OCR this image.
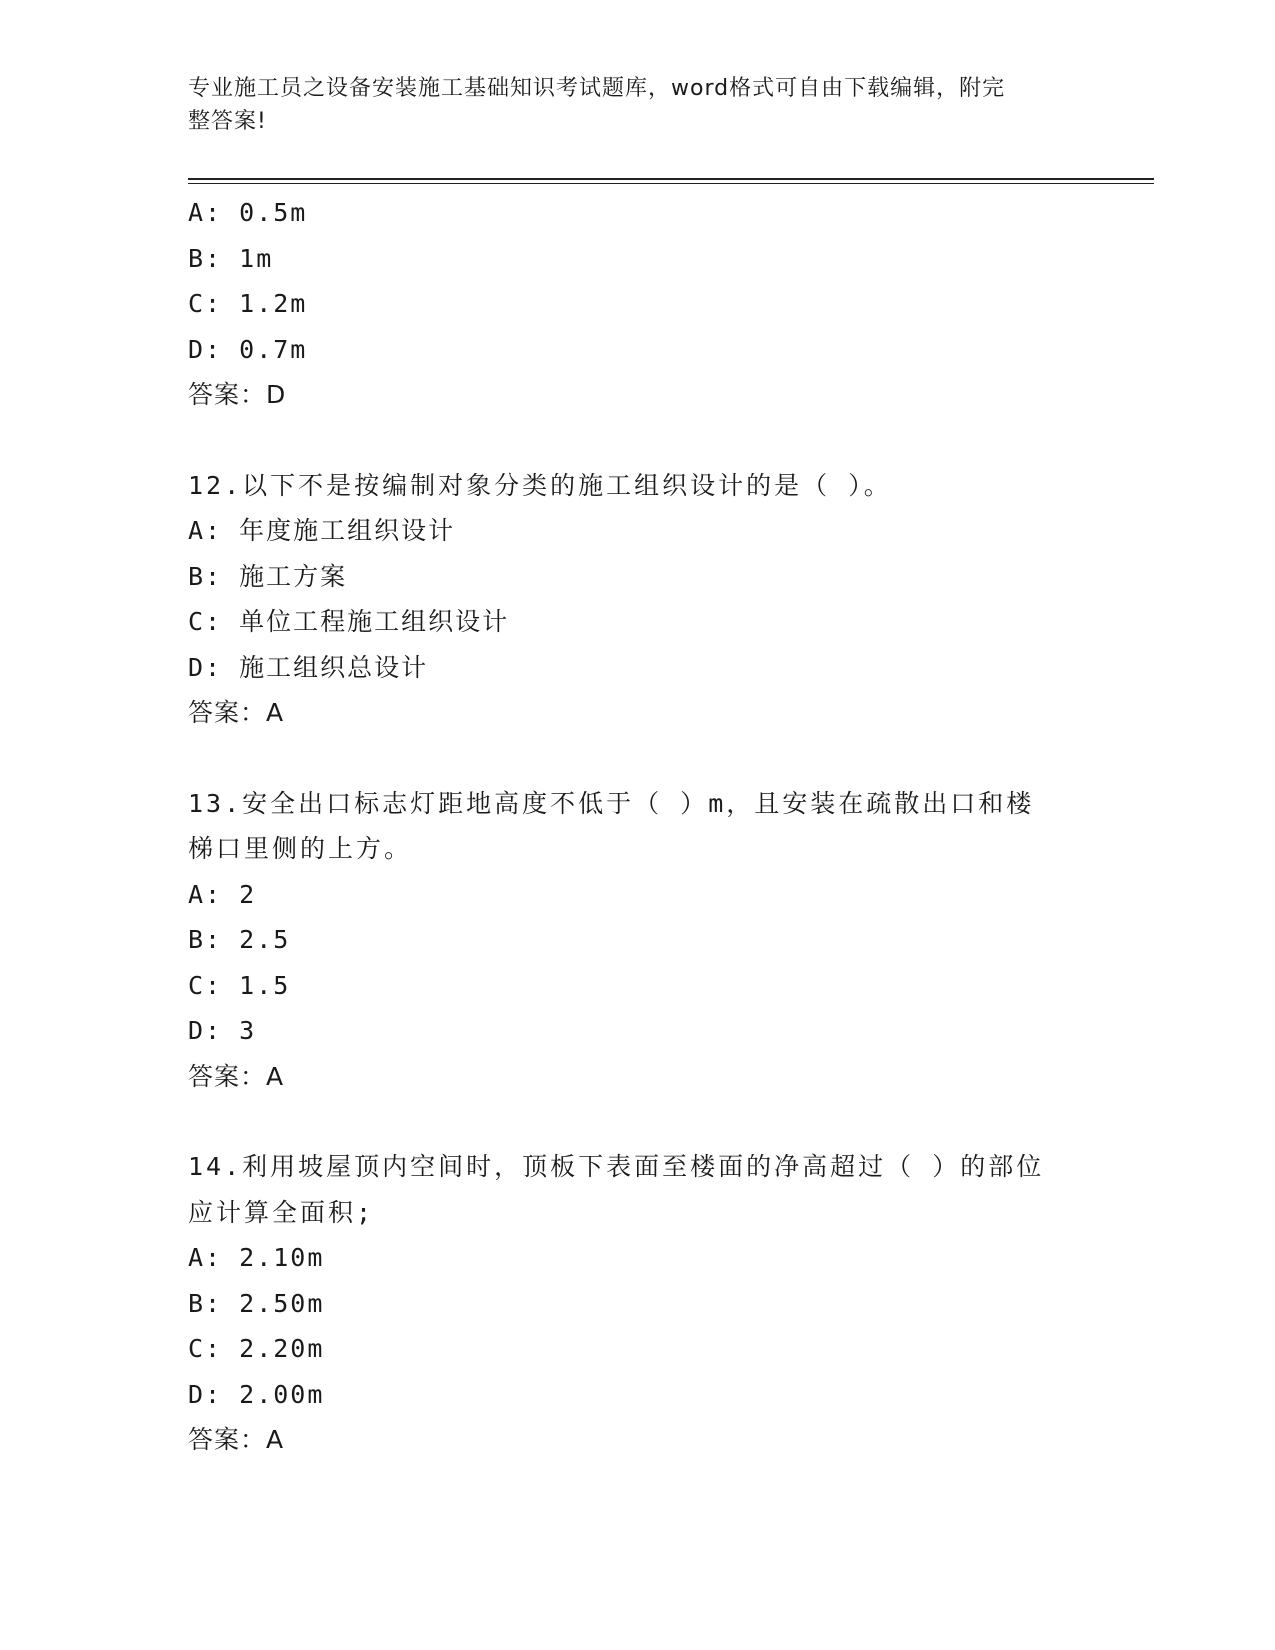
专业施工员之设备安装施工基础知识考试题库，word格式可自由下载编辑，附完
整答案!
A: 0.5m
B: 1m
C: 1.2m
D: 0.7m
答案：D
12.以下不是按编制对象分类的施工组织设计的是（ ）。
A: 年度施工组织设计
B: 施工方案
C: 单位工程施工组织设计
D: 施工组织总设计
答案：A
13.安全出口标志灯距地高度不低于（ ）m，且安装在疏散出口和楼梯口里侧的上方。
A: 2
B: 2.5
C: 1.5
D: 3
答案：A
14.利用坡屋顶内空间时，顶板下表面至楼面的净高超过（ ）的部位应计算全面积;
A: 2.10m
B: 2.50m
C: 2.20m
D: 2.00m
答案：A
